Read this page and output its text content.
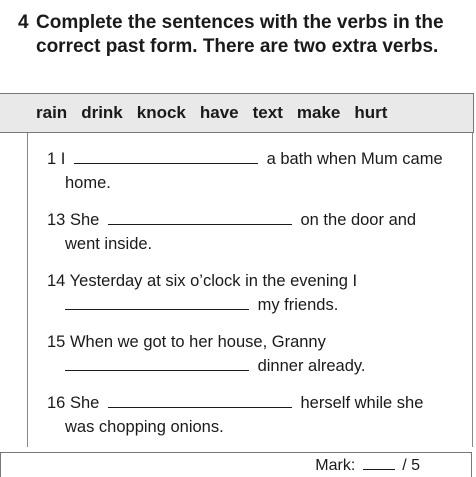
4 Complete the sentences with the verbs in the correct past form. There are two extra verbs.
rain drink knock have text make hurt
1 I	a bath when Mum came
home.
13 She	on the door and
went inside.
14 Yesterday at six o’clock in the evening I
my friends.
15 When we got to her house, Granny
dinner already.
16 She	herself while she
was chopping onions.
Mark:	/ 5
